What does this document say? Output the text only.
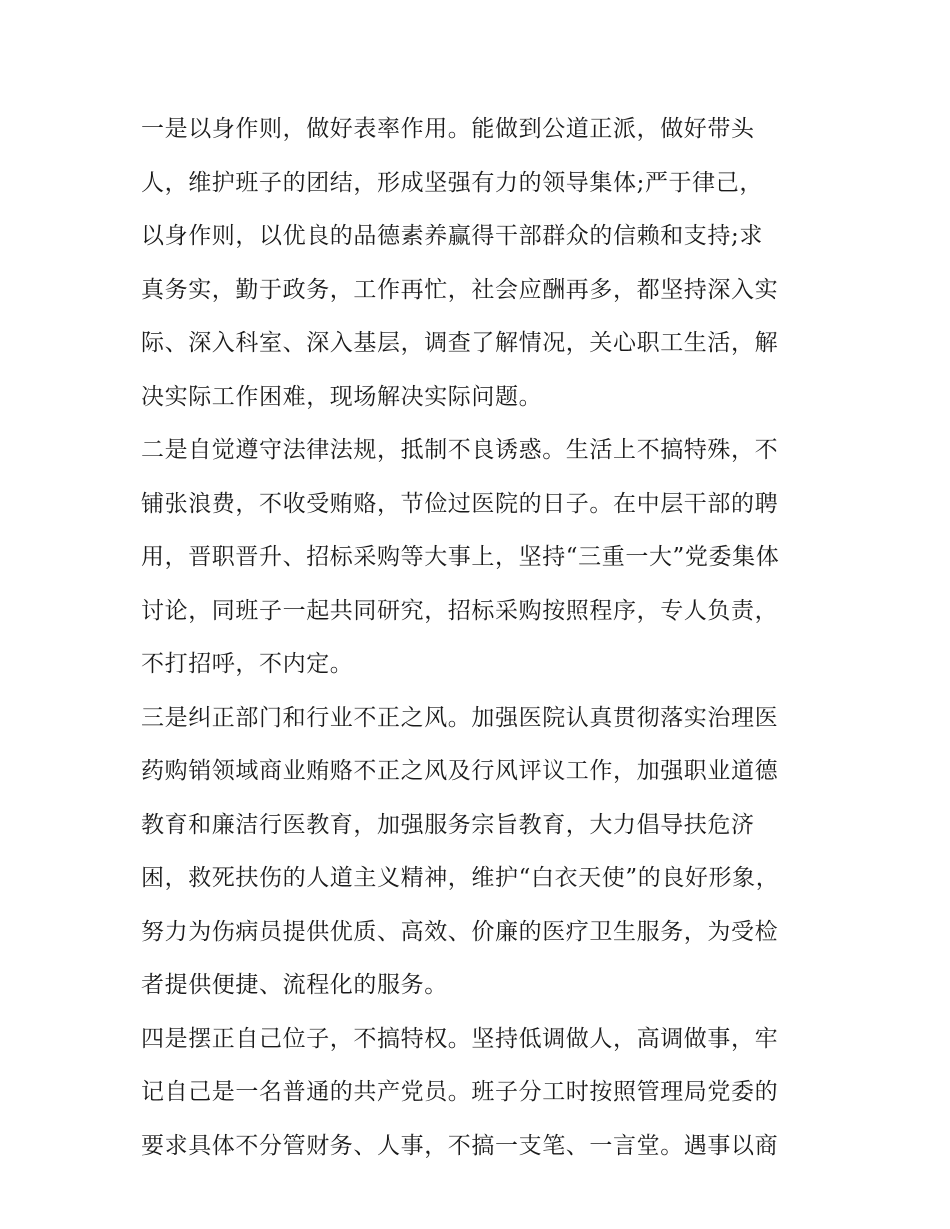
一是以身作则，做好表率作用。能做到公道正派，做好带头
人，维护班子的团结，形成坚强有力的领导集体;严于律己，
以身作则，以优良的品德素养赢得干部群众的信赖和支持;求
真务实，勤于政务，工作再忙，社会应酬再多，都坚持深入实
际、深入科室、深入基层，调查了解情况，关心职工生活，解
决实际工作困难，现场解决实际问题。
二是自觉遵守法律法规，抵制不良诱惑。生活上不搞特殊，不
铺张浪费，不收受贿赂，节俭过医院的日子。在中层干部的聘
用，晋职晋升、招标采购等大事上，坚持“三重一大”党委集体
讨论，同班子一起共同研究，招标采购按照程序，专人负责，
不打招呼，不内定。
三是纠正部门和行业不正之风。加强医院认真贯彻落实治理医
药购销领域商业贿赂不正之风及行风评议工作，加强职业道德
教育和廉洁行医教育，加强服务宗旨教育，大力倡导扶危济
困，救死扶伤的人道主义精神，维护“白衣天使”的良好形象，
努力为伤病员提供优质、高效、价廉的医疗卫生服务，为受检
者提供便捷、流程化的服务。
四是摆正自己位子，不搞特权。坚持低调做人，高调做事，牢
记自己是一名普通的共产党员。班子分工时按照管理局党委的
要求具体不分管财务、人事，不搞一支笔、一言堂。遇事以商
